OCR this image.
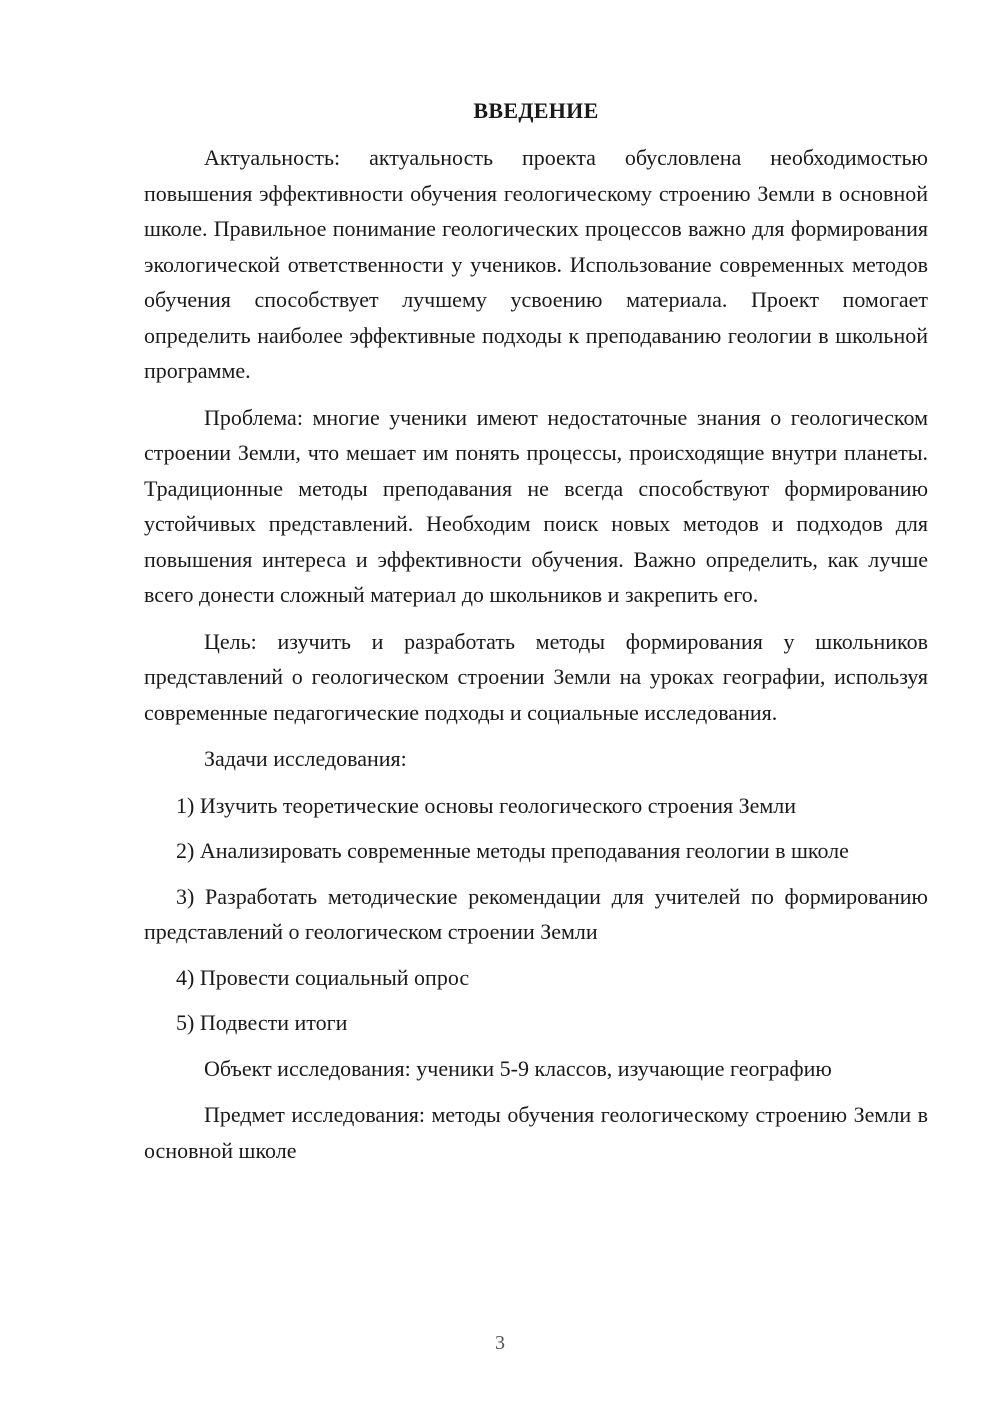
ВВЕДЕНИЕ

Актуальность: актуальность проекта обусловлена необходимостью повышения эффективности обучения геологическому строению Земли в основной школе. Правильное понимание геологических процессов важно для формирования экологической ответственности у учеников. Использование современных методов обучения способствует лучшему усвоению материала. Проект помогает определить наиболее эффективные подходы к преподаванию геологии в школьной программе.

Проблема: многие ученики имеют недостаточные знания о геологическом строении Земли, что мешает им понять процессы, происходящие внутри планеты. Традиционные методы преподавания не всегда способствуют формированию устойчивых представлений. Необходим поиск новых методов и подходов для повышения интереса и эффективности обучения. Важно определить, как лучше всего донести сложный материал до школьников и закрепить его.

Цель: изучить и разработать методы формирования у школьников представлений о геологическом строении Земли на уроках географии, используя современные педагогические подходы и социальные исследования.

Задачи исследования:

1) Изучить теоретические основы геологического строения Земли

2) Анализировать современные методы преподавания геологии в школе

3) Разработать методические рекомендации для учителей по формированию представлений о геологическом строении Земли

4) Провести социальный опрос

5) Подвести итоги

Объект исследования: ученики 5-9 классов, изучающие географию

Предмет исследования: методы обучения геологическому строению Земли в основной школе

3
